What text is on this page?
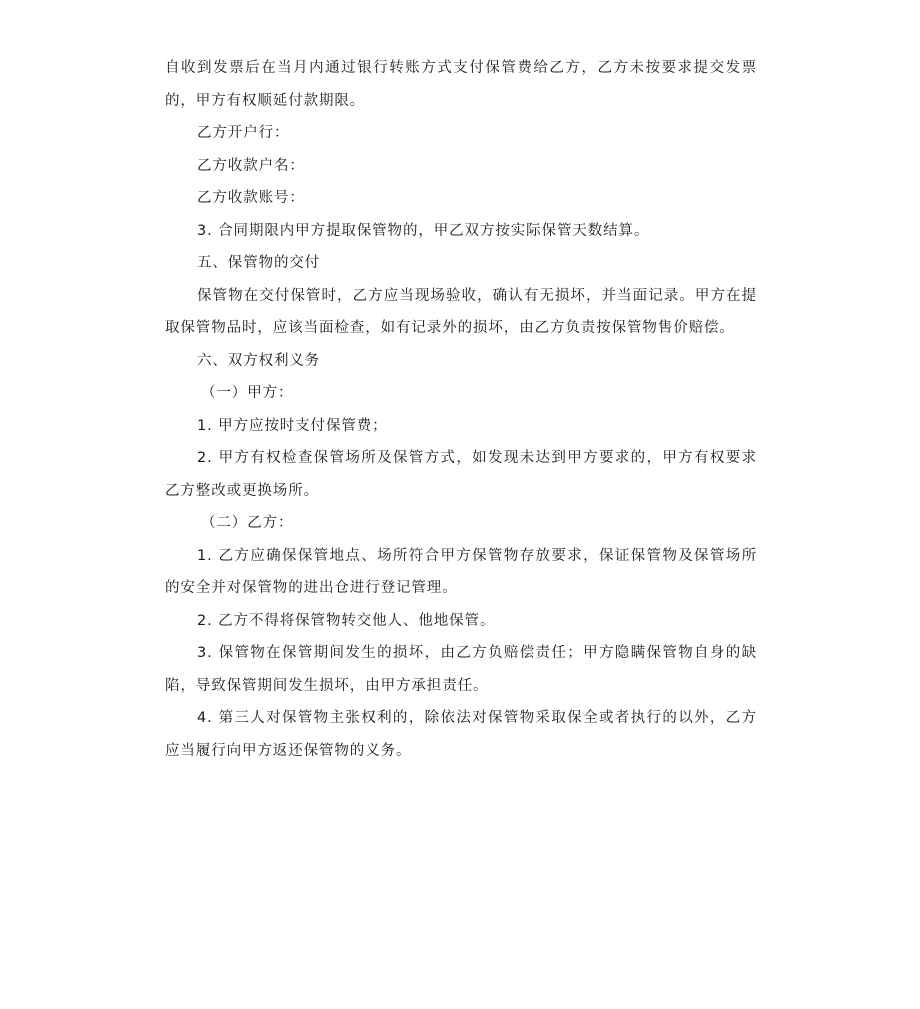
自收到发票后在当月内通过银行转账方式支付保管费给乙方，乙方未按要求提交发票的，甲方有权顺延付款期限。

乙方开户行：

乙方收款户名：

乙方收款账号：

3. 合同期限内甲方提取保管物的，甲乙双方按实际保管天数结算。

五、保管物的交付

保管物在交付保管时，乙方应当现场验收，确认有无损坏，并当面记录。甲方在提取保管物品时，应该当面检查，如有记录外的损坏，由乙方负责按保管物售价赔偿。

六、双方权利义务

（一）甲方：

1. 甲方应按时支付保管费；

2. 甲方有权检查保管场所及保管方式，如发现未达到甲方要求的，甲方有权要求乙方整改或更换场所。

（二）乙方：

1. 乙方应确保保管地点、场所符合甲方保管物存放要求，保证保管物及保管场所的安全并对保管物的进出仓进行登记管理。

2. 乙方不得将保管物转交他人、他地保管。

3. 保管物在保管期间发生的损坏，由乙方负赔偿责任；甲方隐瞒保管物自身的缺陷，导致保管期间发生损坏，由甲方承担责任。

4. 第三人对保管物主张权利的，除依法对保管物采取保全或者执行的以外，乙方应当履行向甲方返还保管物的义务。
